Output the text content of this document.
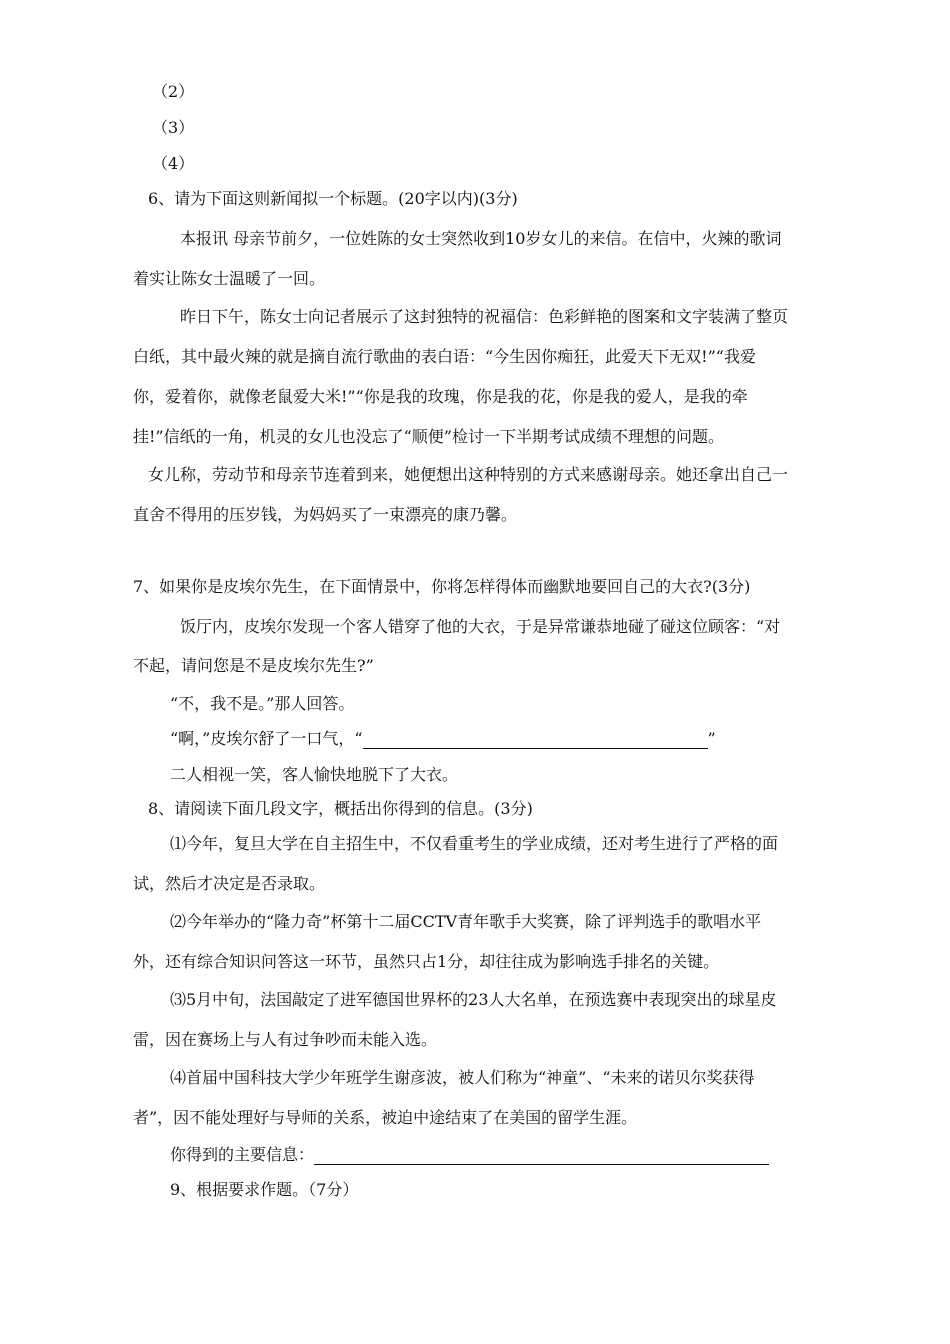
（2）
（3）
（4）
6、请为下面这则新闻拟一个标题。(20字以内)(3分)
本报讯 母亲节前夕，一位姓陈的女士突然收到10岁女儿的来信。在信中，火辣的歌词
着实让陈女士温暖了一回。
昨日下午，陈女士向记者展示了这封独特的祝福信：色彩鲜艳的图案和文字装满了整页
白纸，其中最火辣的就是摘自流行歌曲的表白语：“今生因你痴狂，此爱天下无双!”“我爱
你，爱着你，就像老鼠爱大米!”“你是我的玫瑰，你是我的花，你是我的爱人，是我的牵
挂!”信纸的一角，机灵的女儿也没忘了“顺便”检讨一下半期考试成绩不理想的问题。
女儿称，劳动节和母亲节连着到来，她便想出这种特别的方式来感谢母亲。她还拿出自己一
直舍不得用的压岁钱，为妈妈买了一束漂亮的康乃馨。
7、如果你是皮埃尔先生，在下面情景中，你将怎样得体而幽默地要回自己的大衣?(3分)
饭厅内，皮埃尔发现一个客人错穿了他的大衣，于是异常谦恭地碰了碰这位顾客：“对
不起，请问您是不是皮埃尔先生?”
“不，我不是。”那人回答。
“啊，”皮埃尔舒了一口气，“	”
二人相视一笑，客人愉快地脱下了大衣。
8、请阅读下面几段文字，概括出你得到的信息。(3分)
⑴今年，复旦大学在自主招生中，不仅看重考生的学业成绩，还对考生进行了严格的面
试，然后才决定是否录取。
⑵今年举办的“隆力奇”杯第十二届CCTV青年歌手大奖赛，除了评判选手的歌唱水平
外，还有综合知识问答这一环节，虽然只占1分，却往往成为影响选手排名的关键。
⑶5月中旬，法国敲定了进军德国世界杯的23人大名单，在预选赛中表现突出的球星皮
雷，因在赛场上与人有过争吵而未能入选。
⑷首届中国科技大学少年班学生谢彦波，被人们称为“神童”、“未来的诺贝尔奖获得
者”，因不能处理好与导师的关系，被迫中途结束了在美国的留学生涯。
你得到的主要信息：
9、根据要求作题。（7分）
